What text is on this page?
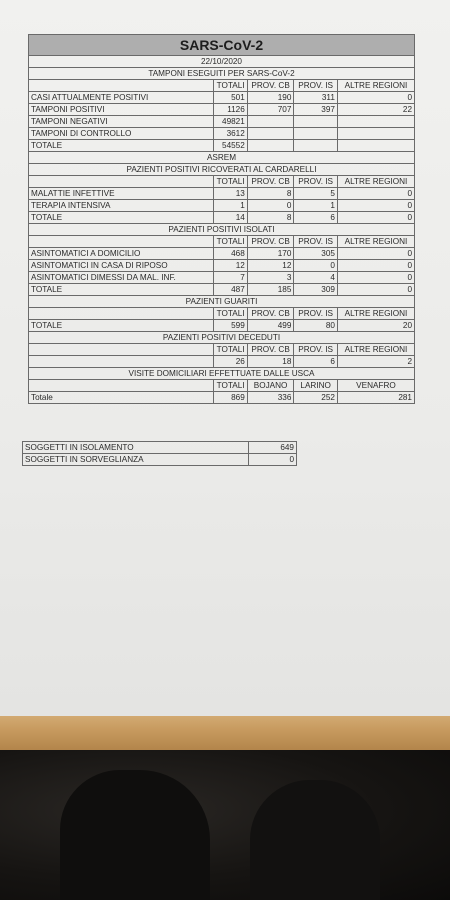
SARS-CoV-2				
22/10/2020				
TAMPONI ESEGUITI PER SARS-CoV-2				
	TOTALI	PROV. CB	PROV. IS	ALTRE REGIONI
CASI ATTUALMENTE POSITIVI	501	190	311	0
TAMPONI POSITIVI	1126	707	397	22
TAMPONI NEGATIVI	49821			
TAMPONI DI CONTROLLO	3612			
TOTALE	54552			
ASREM				
PAZIENTI POSITIVI RICOVERATI AL CARDARELLI				
	TOTALI	PROV. CB	PROV. IS	ALTRE REGIONI
MALATTIE INFETTIVE	13	8	5	0
TERAPIA INTENSIVA	1	0	1	0
TOTALE	14	8	6	0
PAZIENTI POSITIVI ISOLATI				
	TOTALI	PROV. CB	PROV. IS	ALTRE REGIONI
ASINTOMATICI A DOMICILIO	468	170	305	0
ASINTOMATICI IN CASA DI RIPOSO	12	12	0	0
ASINTOMATICI DIMESSI DA MAL. INF.	7	3	4	0
TOTALE	487	185	309	0
PAZIENTI GUARITI				
	TOTALI	PROV. CB	PROV. IS	ALTRE REGIONI
TOTALE	599	499	80	20
PAZIENTI POSITIVI DECEDUTI				
	TOTALI	PROV. CB	PROV. IS	ALTRE REGIONI
	26	18	6	2
VISITE DOMICILIARI EFFETTUATE DALLE USCA				
	TOTALI	BOJANO	LARINO	VENAFRO
Totale	869	336	252	281
SOGGETTI IN ISOLAMENTO	649
SOGGETTI IN SORVEGLIANZA	0
